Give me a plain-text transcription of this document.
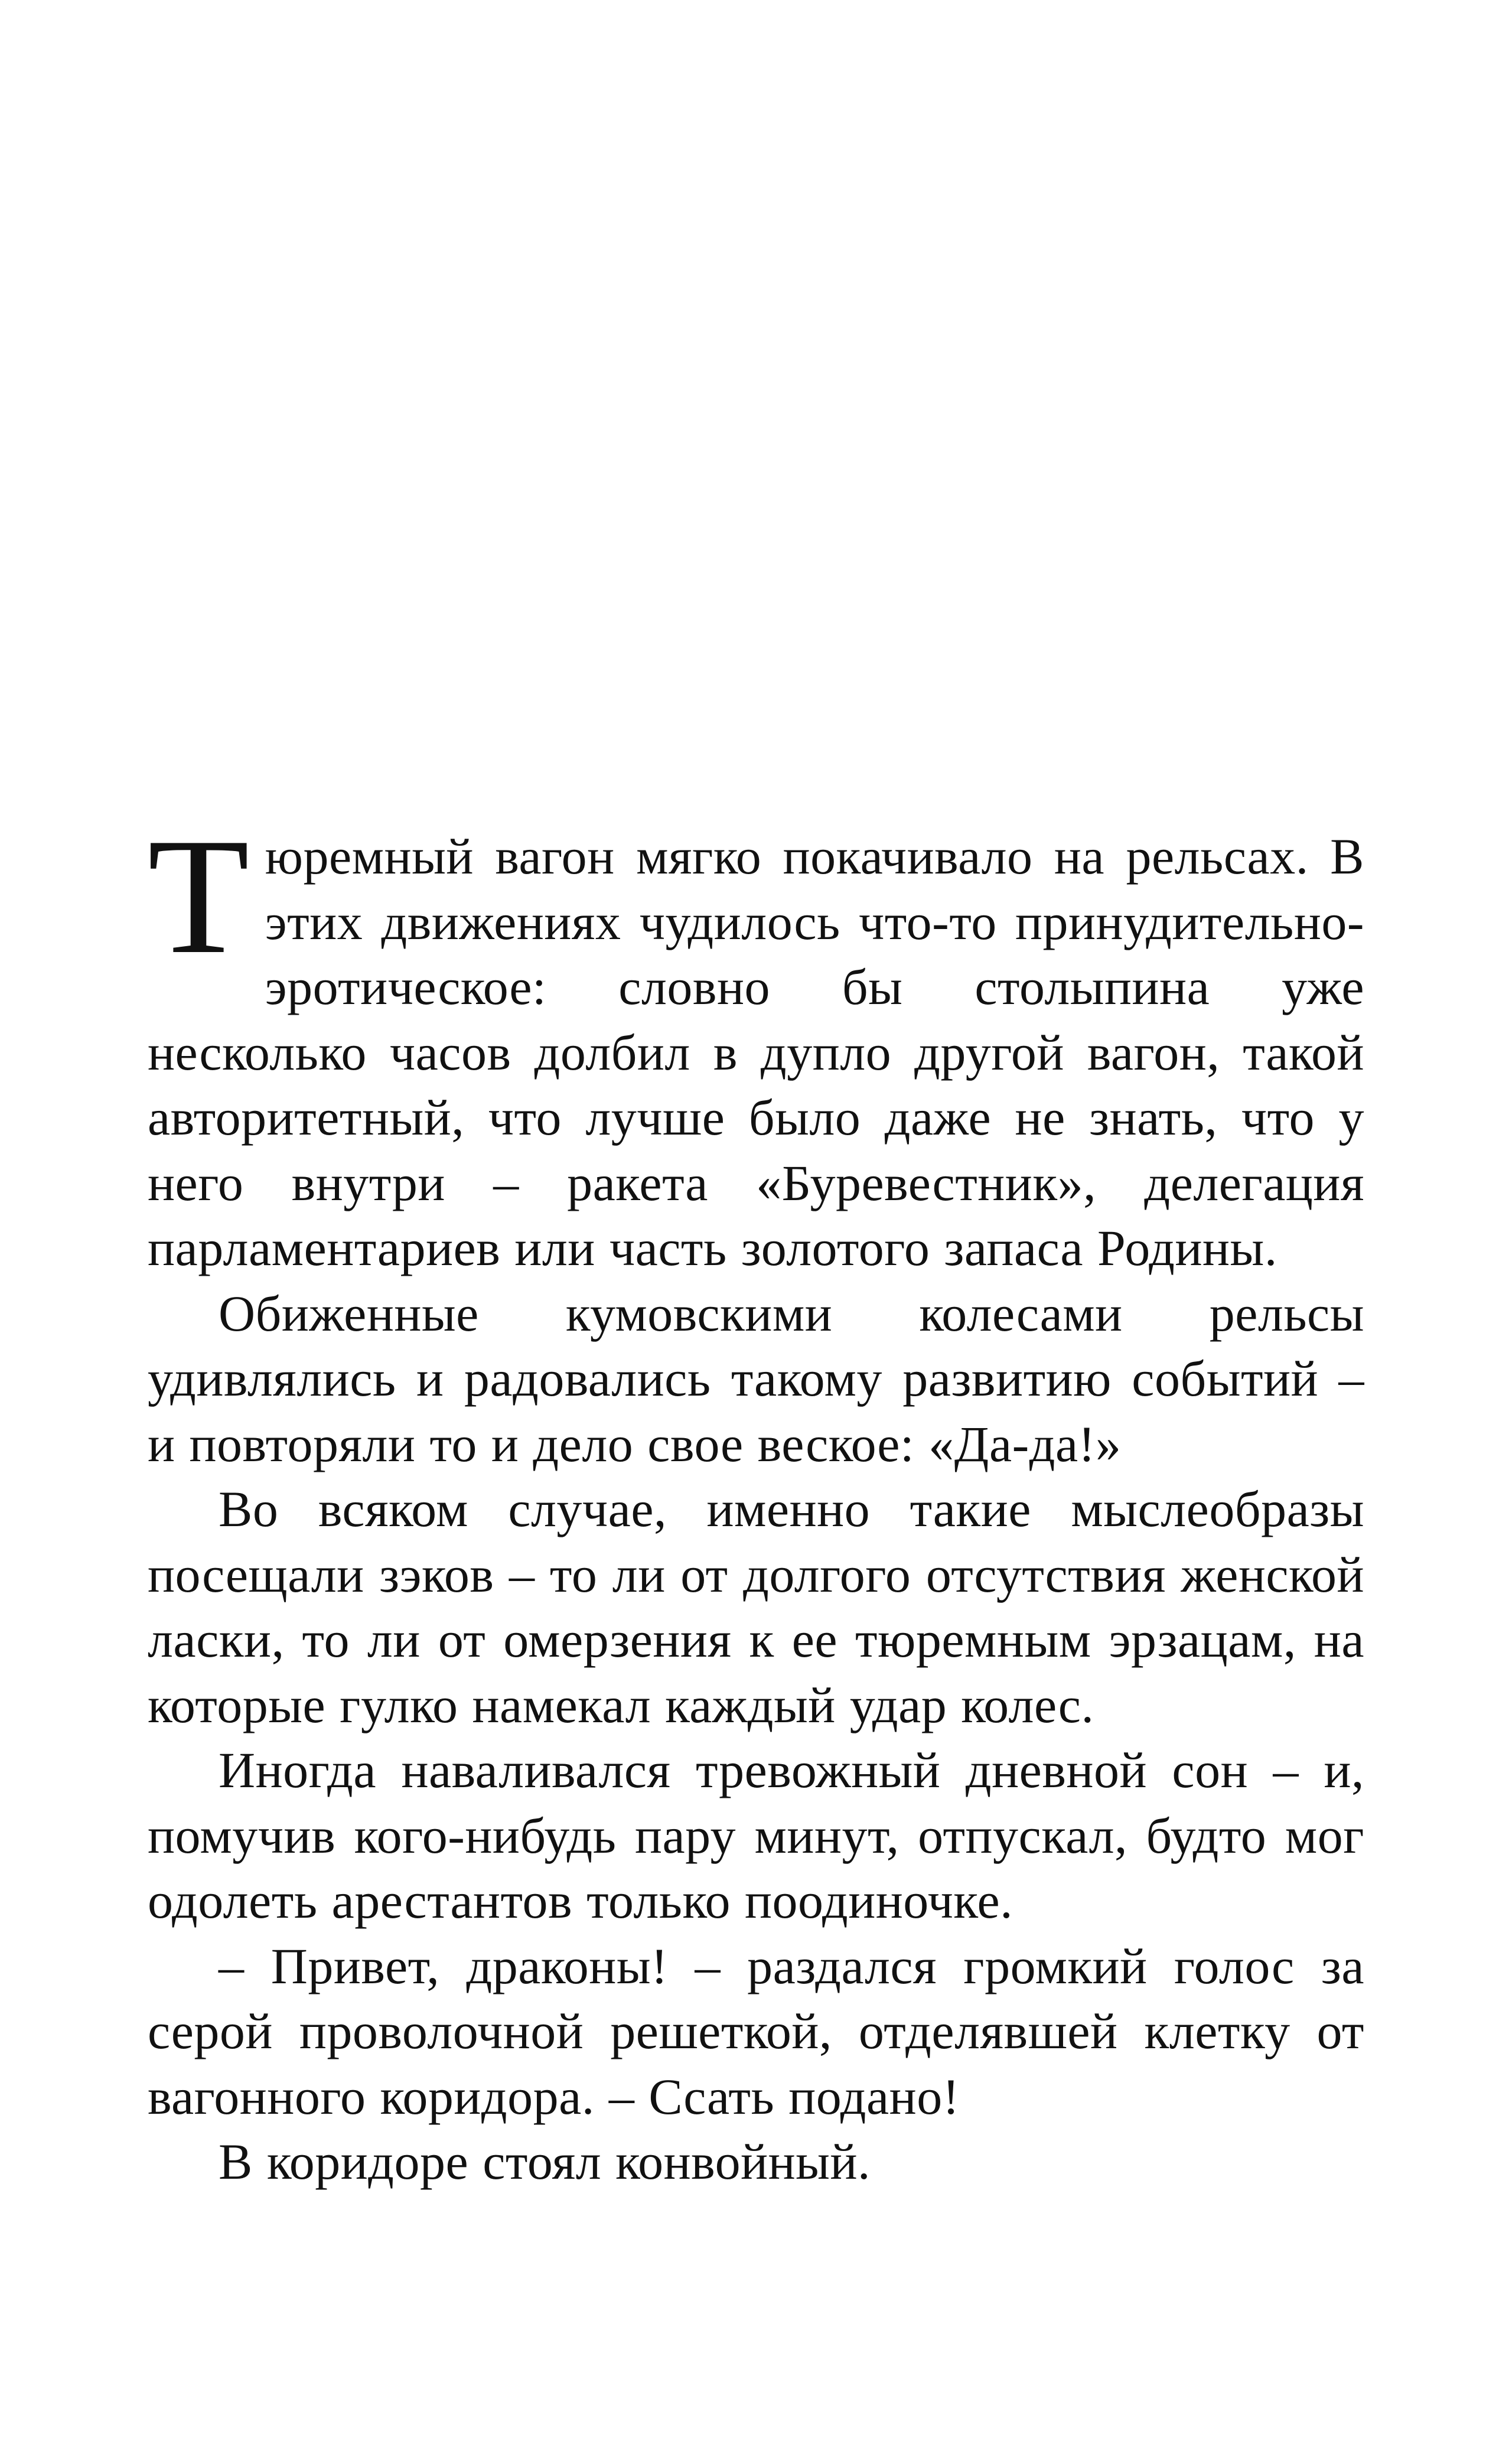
Тюремный вагон мягко покачивало на рельсах. В этих движениях чудилось что-то принудительно-эротическое: словно бы столыпина уже несколько часов долбил в дупло другой вагон, такой авторитетный, что лучше было даже не знать, что у него внутри – ракета «Буревестник», делегация парламентариев или часть золотого запаса Родины.

Обиженные кумовскими колесами рельсы удивлялись и радовались такому развитию событий – и повторяли то и дело свое веское: «Да-да!»

Во всяком случае, именно такие мыслеобразы посещали зэков – то ли от долгого отсутствия женской ласки, то ли от омерзения к ее тюремным эрзацам, на которые гулко намекал каждый удар колес.

Иногда наваливался тревожный дневной сон – и, помучив кого-нибудь пару минут, отпускал, будто мог одолеть арестантов только поодиночке.

– Привет, драконы! – раздался громкий голос за серой проволочной решеткой, отделявшей клетку от вагонного коридора. – Ссать подано!

В коридоре стоял конвойный.
